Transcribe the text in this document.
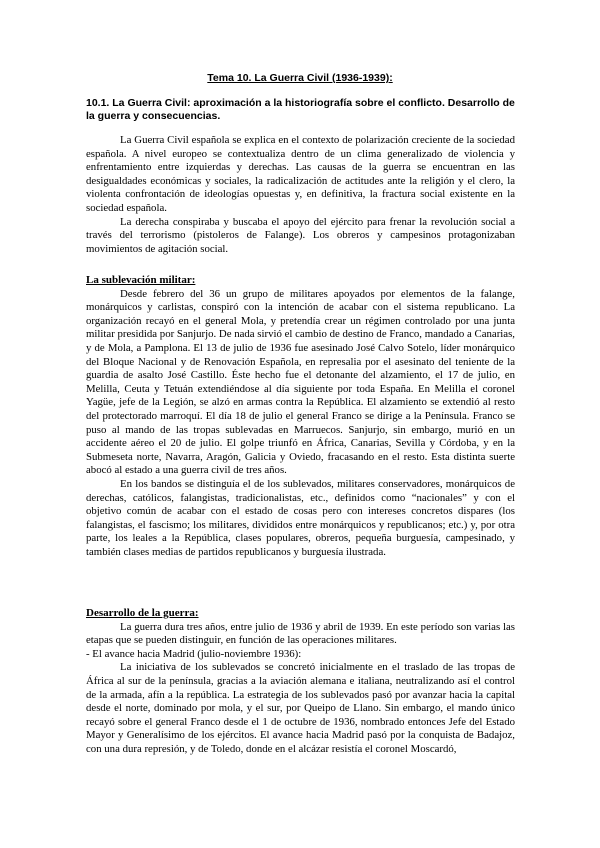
Tema 10. La Guerra Civil (1936-1939):
10.1. La Guerra Civil: aproximación a la historiografía sobre el conflicto. Desarrollo de la guerra y consecuencias.

La Guerra Civil española se explica en el contexto de polarización creciente de la sociedad española. A nivel europeo se contextualiza dentro de un clima generalizado de violencia y enfrentamiento entre izquierdas y derechas. Las causas de la guerra se encuentran en las desigualdades económicas y sociales, la radicalización de actitudes ante la religión y el clero, la violenta confrontación de ideologías opuestas y, en definitiva, la fractura social existente en la sociedad española.

La derecha conspiraba y buscaba el apoyo del ejército para frenar la revolución social a través del terrorismo (pistoleros de Falange). Los obreros y campesinos protagonizaban movimientos de agitación social.

La sublevación militar:

Desde febrero del 36 un grupo de militares apoyados por elementos de la falange, monárquicos y carlistas, conspiró con la intención de acabar con el sistema republicano. La organización recayó en el general Mola, y pretendía crear un régimen controlado por una junta militar presidida por Sanjurjo. De nada sirvió el cambio de destino de Franco, mandado a Canarias, y de Mola, a Pamplona. El 13 de julio de 1936 fue asesinado José Calvo Sotelo, líder monárquico del Bloque Nacional y de Renovación Española, en represalia por el asesinato del teniente de la guardia de asalto José Castillo. Éste hecho fue el detonante del alzamiento, el 17 de julio, en Melilla, Ceuta y Tetuán extendiéndose al día siguiente por toda España. En Melilla el coronel Yagüe, jefe de la Legión, se alzó en armas contra la República. El alzamiento se extendió al resto del protectorado marroquí. El día 18 de julio el general Franco se dirige a la Península. Franco se puso al mando de las tropas sublevadas en Marruecos. Sanjurjo, sin embargo, murió en un accidente aéreo el 20 de julio. El golpe triunfó en África, Canarias, Sevilla y Córdoba, y en la Submeseta norte, Navarra, Aragón, Galicia y Oviedo, fracasando en el resto. Esta distinta suerte abocó al estado a una guerra civil de tres años.

En los bandos se distinguía el de los sublevados, militares conservadores, monárquicos de derechas, católicos, falangistas, tradicionalistas, etc., definidos como “nacionales” y con el objetivo común de acabar con el estado de cosas pero con intereses concretos dispares (los falangistas, el fascismo; los militares, divididos entre monárquicos y republicanos; etc.) y, por otra parte, los leales a la República, clases populares, obreros, pequeña burguesía, campesinado, y también clases medias de partidos republicanos y burguesía ilustrada.

Desarrollo de la guerra:

La guerra dura tres años, entre julio de 1936 y abril de 1939. En este período son varias las etapas que se pueden distinguir, en función de las operaciones militares.

- El avance hacia Madrid (julio-noviembre 1936):

La iniciativa de los sublevados se concretó inicialmente en el traslado de las tropas de África al sur de la península, gracias a la aviación alemana e italiana, neutralizando así el control de la armada, afín a la república. La estrategia de los sublevados pasó por avanzar hacia la capital desde el norte, dominado por mola, y el sur, por Queipo de Llano. Sin embargo, el mando único recayó sobre el general Franco desde el 1 de octubre de 1936, nombrado entonces Jefe del Estado Mayor y Generalísimo de los ejércitos. El avance hacia Madrid pasó por la conquista de Badajoz, con una dura represión, y de Toledo, donde en el alcázar resistía el coronel Moscardó,
